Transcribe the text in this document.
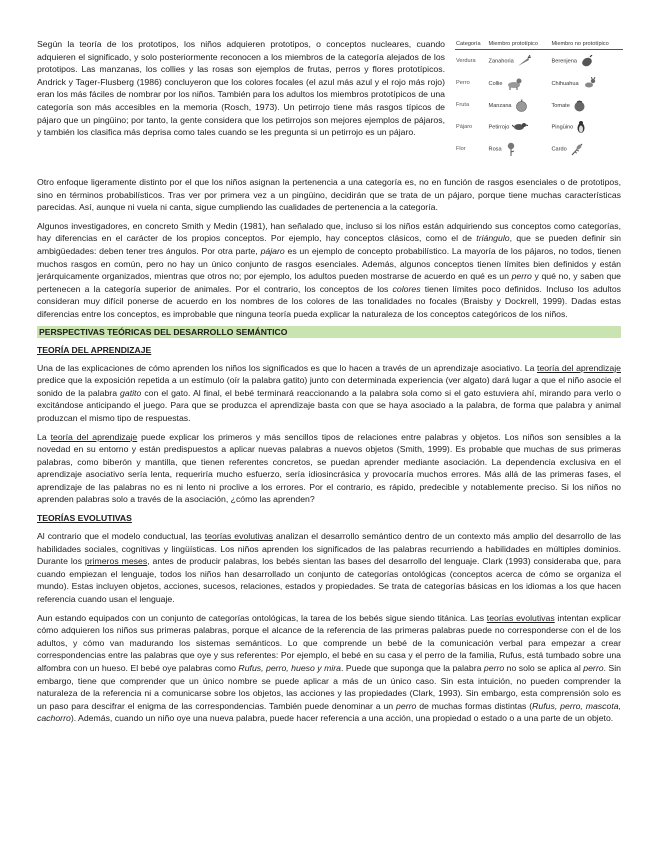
Según la teoría de los prototipos, los niños adquieren prototipos, o conceptos nucleares, cuando adquieren el significado, y solo posteriormente reconocen a los miembros de la categoría alejados de los prototipos. Las manzanas, los collies y las rosas son ejemplos de frutas, perros y flores prototípicos. Andrick y Tager-Flusberg (1986) concluyeron que los colores focales (el azul más azul y el rojo más rojo) eran los más fáciles de nombrar por los niños. También para los adultos los miembros prototípicos de una categoría son más accesibles en la memoria (Rosch, 1973). Un petirrojo tiene más rasgos típicos de pájaro que un pingüino; por tanto, la gente considera que los petirrojos son mejores ejemplos de pájaros, y también los clasifica más deprisa como tales cuando se les pregunta si un petirrojo es un pájaro.

Categoría	Miembro prototípico	Miembro no prototípico
Verdura	Zanahoria	Berenjena
Perro	Collie	Chihuahua
Fruta	Manzana	Tomate
Pájaro	Petirrojo	Pingüino
Flor	Rosa	Cardo

Otro enfoque ligeramente distinto por el que los niños asignan la pertenencia a una categoría es, no en función de rasgos esenciales o de prototipos, sino en términos probabilísticos. Tras ver por primera vez a un pingüino, decidirán que se trata de un pájaro, porque tiene muchas características parecidas. Así, aunque ni vuela ni canta, sigue cumpliendo las cualidades de pertenencia a la categoría.

Algunos investigadores, en concreto Smith y Medin (1981), han señalado que, incluso si los niños están adquiriendo sus conceptos como categorías, hay diferencias en el carácter de los propios conceptos. Por ejemplo, hay conceptos clásicos, como el de triángulo, que se pueden definir sin ambigüedades: deben tener tres ángulos. Por otra parte, pájaro es un ejemplo de concepto probabilístico. La mayoría de los pájaros, no todos, tienen muchos rasgos en común, pero no hay un único conjunto de rasgos esenciales. Además, algunos conceptos tienen límites bien definidos y están jerárquicamente organizados, mientras que otros no; por ejemplo, los adultos pueden mostrarse de acuerdo en qué es un perro y qué no, y saben que pertenecen a la categoría superior de animales. Por el contrario, los conceptos de los colores tienen límites poco definidos. Incluso los adultos consideran muy difícil ponerse de acuerdo en los nombres de los colores de las tonalidades no focales (Braisby y Dockrell, 1999). Dadas estas diferencias entre los conceptos, es improbable que ninguna teoría pueda explicar la naturaleza de los conceptos categóricos de los niños.

PERSPECTIVAS TEÓRICAS DEL DESARROLLO SEMÁNTICO
TEORÍA DEL APRENDIZAJE

Una de las explicaciones de cómo aprenden los niños los significados es que lo hacen a través de un aprendizaje asociativo. La teoría del aprendizaje predice que la exposición repetida a un estímulo (oír la palabra gatito) junto con determinada experiencia (ver algato) dará lugar a que el niño asocie el sonido de la palabra gatito con el gato. Al final, el bebé terminará reaccionando a la palabra sola como si el gato estuviera ahí, mirando para verlo o excitándose anticipando el juego. Para que se produzca el aprendizaje basta con que se haya asociado a la palabra, de forma que palabra y animal produzcan el mismo tipo de respuestas.

La teoría del aprendizaje puede explicar los primeros y más sencillos tipos de relaciones entre palabras y objetos. Los niños son sensibles a la novedad en su entorno y están predispuestos a aplicar nuevas palabras a nuevos objetos (Smith, 1999). Es probable que muchas de sus primeras palabras, como biberón y mantilla, que tienen referentes concretos, se puedan aprender mediante asociación. La dependencia exclusiva en el aprendizaje asociativo sería lenta, requeriría mucho esfuerzo, sería idiosincrásica y provocaría muchos errores. Más allá de las primeras fases, el aprendizaje de las palabras no es ni lento ni proclive a los errores. Por el contrario, es rápido, predecible y notablemente preciso. Si los niños no aprenden palabras solo a través de la asociación, ¿cómo las aprenden?

TEORÍAS EVOLUTIVAS

Al contrario que el modelo conductual, las teorías evolutivas analizan el desarrollo semántico dentro de un contexto más amplio del desarrollo de las habilidades sociales, cognitivas y lingüísticas. Los niños aprenden los significados de las palabras recurriendo a habilidades en múltiples dominios. Durante los primeros meses, antes de producir palabras, los bebés sientan las bases del desarrollo del lenguaje. Clark (1993) consideraba que, para cuando empiezan el lenguaje, todos los niños han desarrollado un conjunto de categorías ontológicas (conceptos acerca de cómo se organiza el mundo). Estas incluyen objetos, acciones, sucesos, relaciones, estados y propiedades. Se trata de categorías básicas en los idiomas a los que hacen referencia cuando usan el lenguaje.

Aun estando equipados con un conjunto de categorías ontológicas, la tarea de los bebés sigue siendo titánica. Las teorías evolutivas intentan explicar cómo adquieren los niños sus primeras palabras, porque el alcance de la referencia de las primeras palabras puede no corresponderse con el de los adultos, y cómo van madurando los sistemas semánticos. Lo que comprende un bebé de la comunicación verbal para empezar a crear correspondencias entre las palabras que oye y sus referentes: Por ejemplo, el bebé en su casa y el perro de la familia, Rufus, está tumbado sobre una alfombra con un hueso. El bebé oye palabras como Rufus, perro, hueso y mira. Puede que suponga que la palabra perro no solo se aplica al perro. Sin embargo, tiene que comprender que un único nombre se puede aplicar a más de un único caso. Sin esta intuición, no pueden comprender la naturaleza de la referencia ni a comunicarse sobre los objetos, las acciones y las propiedades (Clark, 1993). Sin embargo, esta comprensión solo es un paso para descifrar el enigma de las correspondencias. También puede denominar a un perro de muchas formas distintas (Rufus, perro, mascota, cachorro). Además, cuando un niño oye una nueva palabra, puede hacer referencia a una acción, una propiedad o estado o a una parte de un objeto.
